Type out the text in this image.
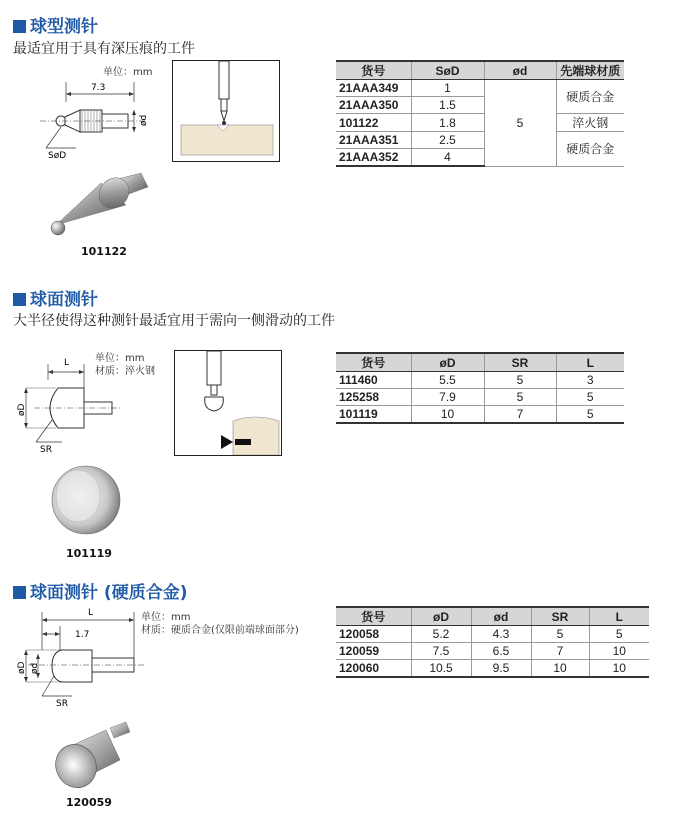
球型测针
最适宜用于具有深压痕的工件
单位：mm
7.3
ød
SøD
101122
货号	SøD	ød	先端球材质
21AAA349	1	5	硬质合金
21AAA350	1.5		
101122	1.8		淬火钢
21AAA351	2.5		硬质合金
21AAA352	4		
球面测针
大半径使得这种测针最适宜用于需向一侧滑动的工件
单位：mm
材质：淬火钢
L
øD
SR
101119
货号	øD	SR	L
111460	5.5	5	3
125258	7.9	5	5
101119	10	7	5
球面测针 (硬质合金)
单位：mm
材质：硬质合金(仅限前端球面部分)
L
1.7
øD ød
SR
120059
货号	øD	ød	SR	L
120058	5.2	4.3	5	5
120059	7.5	6.5	7	10
120060	10.5	9.5	10	10
